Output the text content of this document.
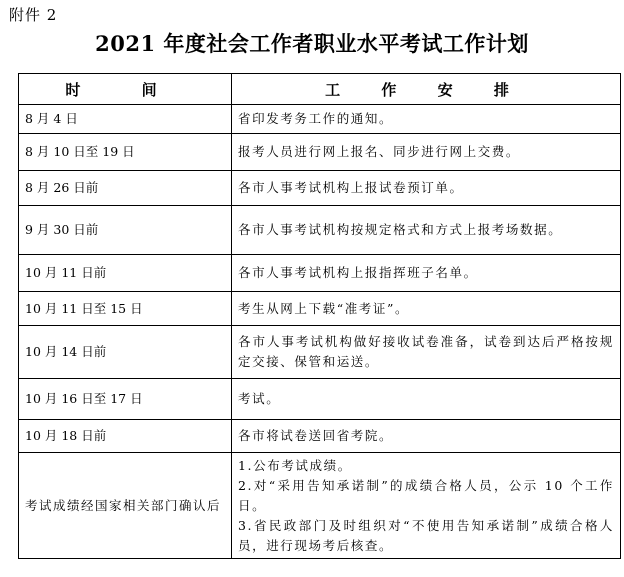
附件 2
2021 年度社会工作者职业水平考试工作计划
时 间	工 作 安 排
8 月 4 日	省印发考务工作的通知。
8 月 10 日至 19 日	报考人员进行网上报名、同步进行网上交费。
8 月 26 日前	各市人事考试机构上报试卷预订单。
9 月 30 日前	各市人事考试机构按规定格式和方式上报考场数据。
10 月 11 日前	各市人事考试机构上报指挥班子名单。
10 月 11 日至 15 日	考生从网上下载“准考证”。
10 月 14 日前	各市人事考试机构做好接收试卷准备，试卷到达后严格按规定交接、保管和运送。
10 月 16 日至 17 日	考试。
10 月 18 日前	各市将试卷送回省考院。
考试成绩经国家相关部门确认后	1.公布考试成绩。
2.对“采用告知承诺制”的成绩合格人员，公示 10 个工作日。
3.省民政部门及时组织对“不使用告知承诺制”成绩合格人员，进行现场考后核查。
